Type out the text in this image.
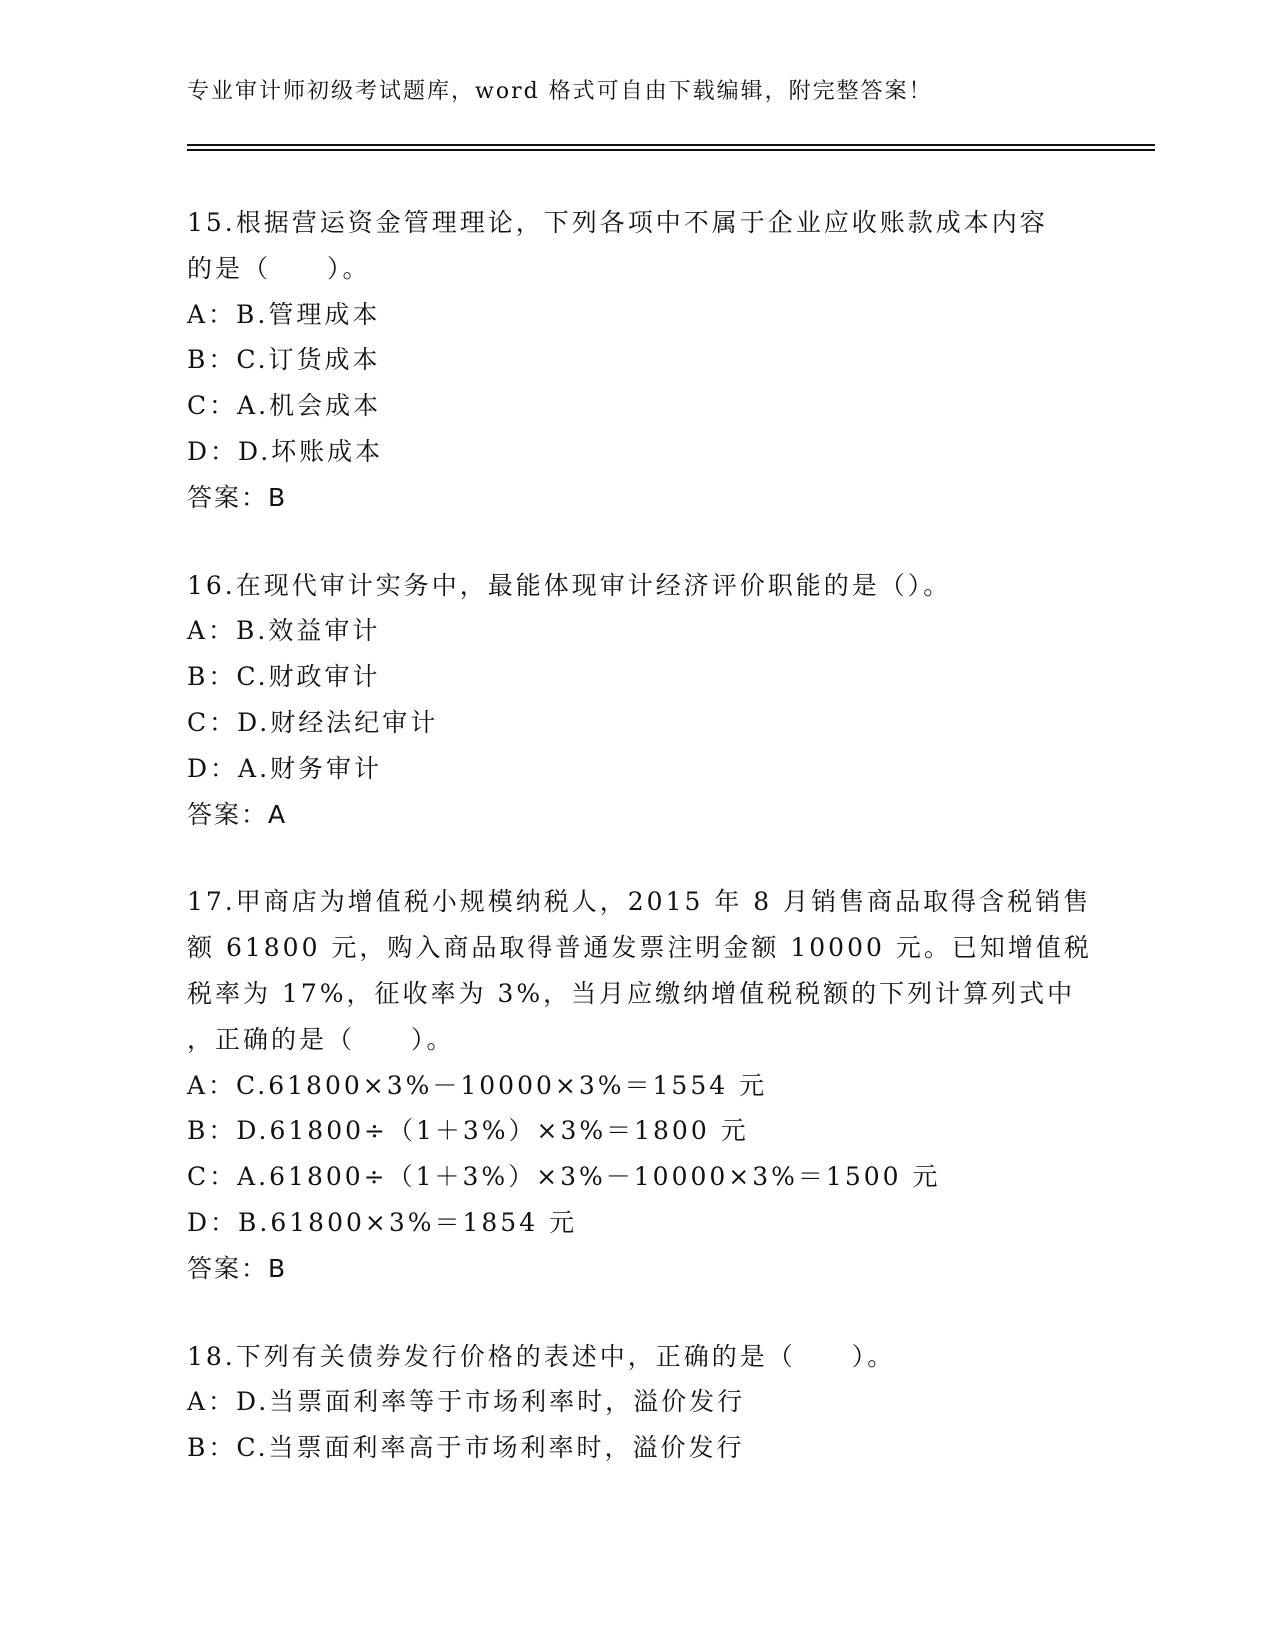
专业审计师初级考试题库，word 格式可自由下载编辑，附完整答案！
15.根据营运资金管理理论，下列各项中不属于企业应收账款成本内容
的是（　　）。
A：B.管理成本
B：C.订货成本
C：A.机会成本
D：D.坏账成本
答案：B
16.在现代审计实务中，最能体现审计经济评价职能的是（）。
A：B.效益审计
B：C.财政审计
C：D.财经法纪审计
D：A.财务审计
答案：A
17.甲商店为增值税小规模纳税人，2015 年 8 月销售商品取得含税销售
额 61800 元，购入商品取得普通发票注明金额 10000 元。已知增值税
税率为 17%，征收率为 3%，当月应缴纳增值税税额的下列计算列式中
，正确的是（　　）。
A：C.61800×3%－10000×3%＝1554 元
B：D.61800÷（1＋3%）×3%＝1800 元
C：A.61800÷（1＋3%）×3%－10000×3%＝1500 元
D：B.61800×3%＝1854 元
答案：B
18.下列有关债券发行价格的表述中，正确的是（　　）。
A：D.当票面利率等于市场利率时，溢价发行
B：C.当票面利率高于市场利率时，溢价发行
